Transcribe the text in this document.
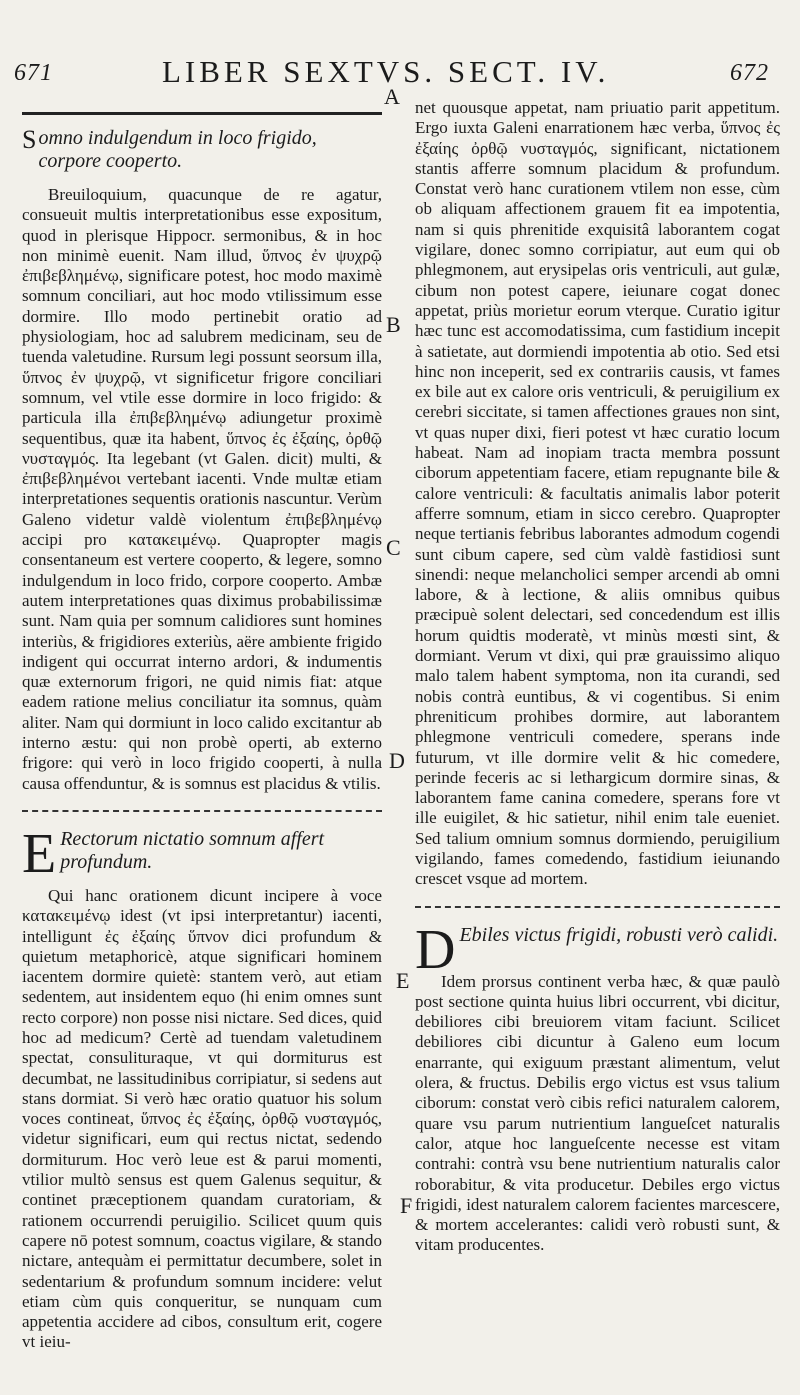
671	LIBER SEXTVS. SECT. IV.	672
A
B
C
D
E
F

S omno indulgendum in loco frigido, corpore cooperto.

Breuiloquium, quacunque de re agatur, consueuit multis interpretationibus esse expositum, quod in plerisque Hippocr. sermonibus, & in hoc non minimè euenit. Nam illud, ὕπνος ἐν ψυχρῷ ἐπιβεβλημένῳ, significare potest, hoc modo maximè somnum conciliari, aut hoc modo vtilissimum esse dormire. Illo modo pertinebit oratio ad physiologiam, hoc ad salubrem medicinam, seu de tuenda valetudine. Rursum legi possunt seorsum illa, ὕπνος ἐν ψυχρῷ, vt significetur frigore conciliari somnum, vel vtile esse dormire in loco frigido: & particula illa ἐπιβεβλημένῳ adiungetur proximè sequentibus, quæ ita habent, ὕπνος ἐς ἐξαίης, ὀρθῷ νυσταγμός. Ita legebant (vt Galen. dicit) multi, & ἐπιβεβλημένοι vertebant iacenti. Vnde multæ etiam interpretationes sequentis orationis nascuntur. Verùm Galeno videtur valdè violentum ἐπιβεβλημένῳ accipi pro κατακειμένῳ. Quapropter magis consentaneum est vertere cooperto, & legere, somno indulgendum in loco frido, corpore cooperto. Ambæ autem interpretationes quas diximus probabilissimæ sunt. Nam quia per somnum calidiores sunt homines interiùs, & frigidiores exteriùs, aëre ambiente frigido indigent qui occurrat interno ardori, & indumentis quæ externorum frigori, ne quid nimis fiat: atque eadem ratione melius conciliatur ita somnus, quàm aliter. Nam qui dormiunt in loco calido excitantur ab interno æstu: qui non probè operti, ab externo frigore: qui verò in loco frigido cooperti, à nulla causa offenduntur, & is somnus est placidus & vtilis.

E Rectorum nictatio somnum affert profundum.

Qui hanc orationem dicunt incipere à voce κατακειμένῳ idest (vt ipsi interpretantur) iacenti, intelligunt ἐς ἐξαίης ὕπνον dici profundum & quietum metaphoricè, atque significari hominem iacentem dormire quietè: stantem verò, aut etiam sedentem, aut insidentem equo (hi enim omnes sunt recto corpore) non posse nisi nictare. Sed dices, quid hoc ad medicum? Certè ad tuendam valetudinem spectat, consulituraque, vt qui dormiturus est decumbat, ne lassitudinibus corripiatur, si sedens aut stans dormiat. Si verò hæc oratio quatuor his solum voces contineat, ὕπνος ἐς ἐξαίης, ὀρθῷ νυσταγμός, videtur significari, eum qui rectus nictat, sedendo dormiturum. Hoc verò leue est & parui momenti, vtilior multò sensus est quem Galenus sequitur, & continet præceptionem quandam curatoriam, & rationem occurrendi peruigilio. Scilicet quum quis capere nō potest somnum, coactus vigilare, & stando nictare, antequàm ei permittatur decumbere, solet in sedentarium & profundum somnum incidere: velut etiam cùm quis conqueritur, se nunquam cum appetentia accidere ad cibos, consultum erit, cogere vt ieiu-

net quousque appetat, nam priuatio parit appetitum. Ergo iuxta Galeni enarrationem hæc verba, ὕπνος ἐς ἐξαίης ὀρθῷ νυσταγμός, significant, nictationem stantis afferre somnum placidum & profundum. Constat verò hanc curationem vtilem non esse, cùm ob aliquam affectionem grauem fit ea impotentia, nam si quis phrenitide exquisitâ laborantem cogat vigilare, donec somno corripiatur, aut eum qui ob phlegmonem, aut erysipelas oris ventriculi, aut gulæ, cibum non potest capere, ieiunare cogat donec appetat, priùs morietur eorum vterque. Curatio igitur hæc tunc est accomodatissima, cum fastidium incepit à satietate, aut dormiendi impotentia ab otio. Sed etsi hinc non inceperit, sed ex contrariis causis, vt fames ex bile aut ex calore oris ventriculi, & peruigilium ex cerebri siccitate, si tamen affectiones graues non sint, vt quas nuper dixi, fieri potest vt hæc curatio locum habeat. Nam ad inopiam tracta membra possunt ciborum appetentiam facere, etiam repugnante bile & calore ventriculi: & facultatis animalis labor poterit afferre somnum, etiam in sicco cerebro. Quapropter neque tertianis febribus laborantes admodum cogendi sunt cibum capere, sed cùm valdè fastidiosi sunt sinendi: neque melancholici semper arcendi ab omni labore, & à lectione, & aliis omnibus quibus præcipuè solent delectari, sed concedendum est illis horum quidtis moderatè, vt minùs mœsti sint, & dormiant. Verum vt dixi, qui præ grauissimo aliquo malo talem habent symptoma, non ita curandi, sed nobis contrà euntibus, & vi cogentibus. Si enim phreniticum prohibes dormire, aut laborantem phlegmone ventriculi comedere, sperans inde futurum, vt ille dormire velit & hic comedere, perinde feceris ac si lethargicum dormire sinas, & laborantem fame canina comedere, sperans fore vt ille euigilet, & hic satietur, nihil enim tale eueniet. Sed talium omnium somnus dormiendo, peruigilium vigilando, fames comedendo, fastidium ieiunando crescet vsque ad mortem.

D Ebiles victus frigidi, robusti verò calidi.

Idem prorsus continent verba hæc, & quæ paulò post sectione quinta huius libri occurrent, vbi dicitur, debiliores cibi breuiorem vitam faciunt. Scilicet debiliores cibi dicuntur à Galeno eum locum enarrante, qui exiguum præstant alimentum, velut olera, & fructus. Debilis ergo victus est vsus talium ciborum: constat verò cibis refici naturalem calorem, quare vsu parum nutrientium langueſcet naturalis calor, atque hoc langueſcente necesse est vitam contrahi: contrà vsu bene nutrientium naturalis calor roborabitur, & vita producetur. Debiles ergo victus frigidi, idest naturalem calorem facientes marcescere, & mortem accelerantes: calidi verò robusti sunt, & vitam producentes.
